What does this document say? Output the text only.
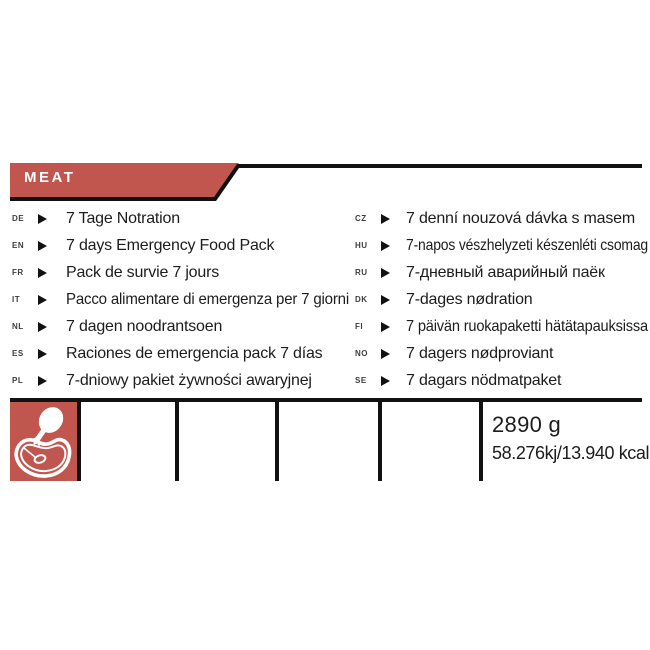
MEAT
DE	7 Tage Notration
EN	7 days Emergency Food Pack
FR	Pack de survie 7 jours
IT	Pacco alimentare di emergenza per 7 giorni
NL	7 dagen noodrantsoen
ES	Raciones de emergencia pack 7 días
PL	7-dniowy pakiet żywności awaryjnej
CZ	7 denní nouzová dávka s masem
HU	7-napos vészhelyzeti készenléti csomag
RU	7-дневный аварийный паёк
DK	7-dages nødration
FI	7 päivän ruokapaketti hätätapauksissa
NO	7 dagers nødproviant
SE	7 dagars nödmatpaket
2890 g
58.276kj/13.940 kcal
